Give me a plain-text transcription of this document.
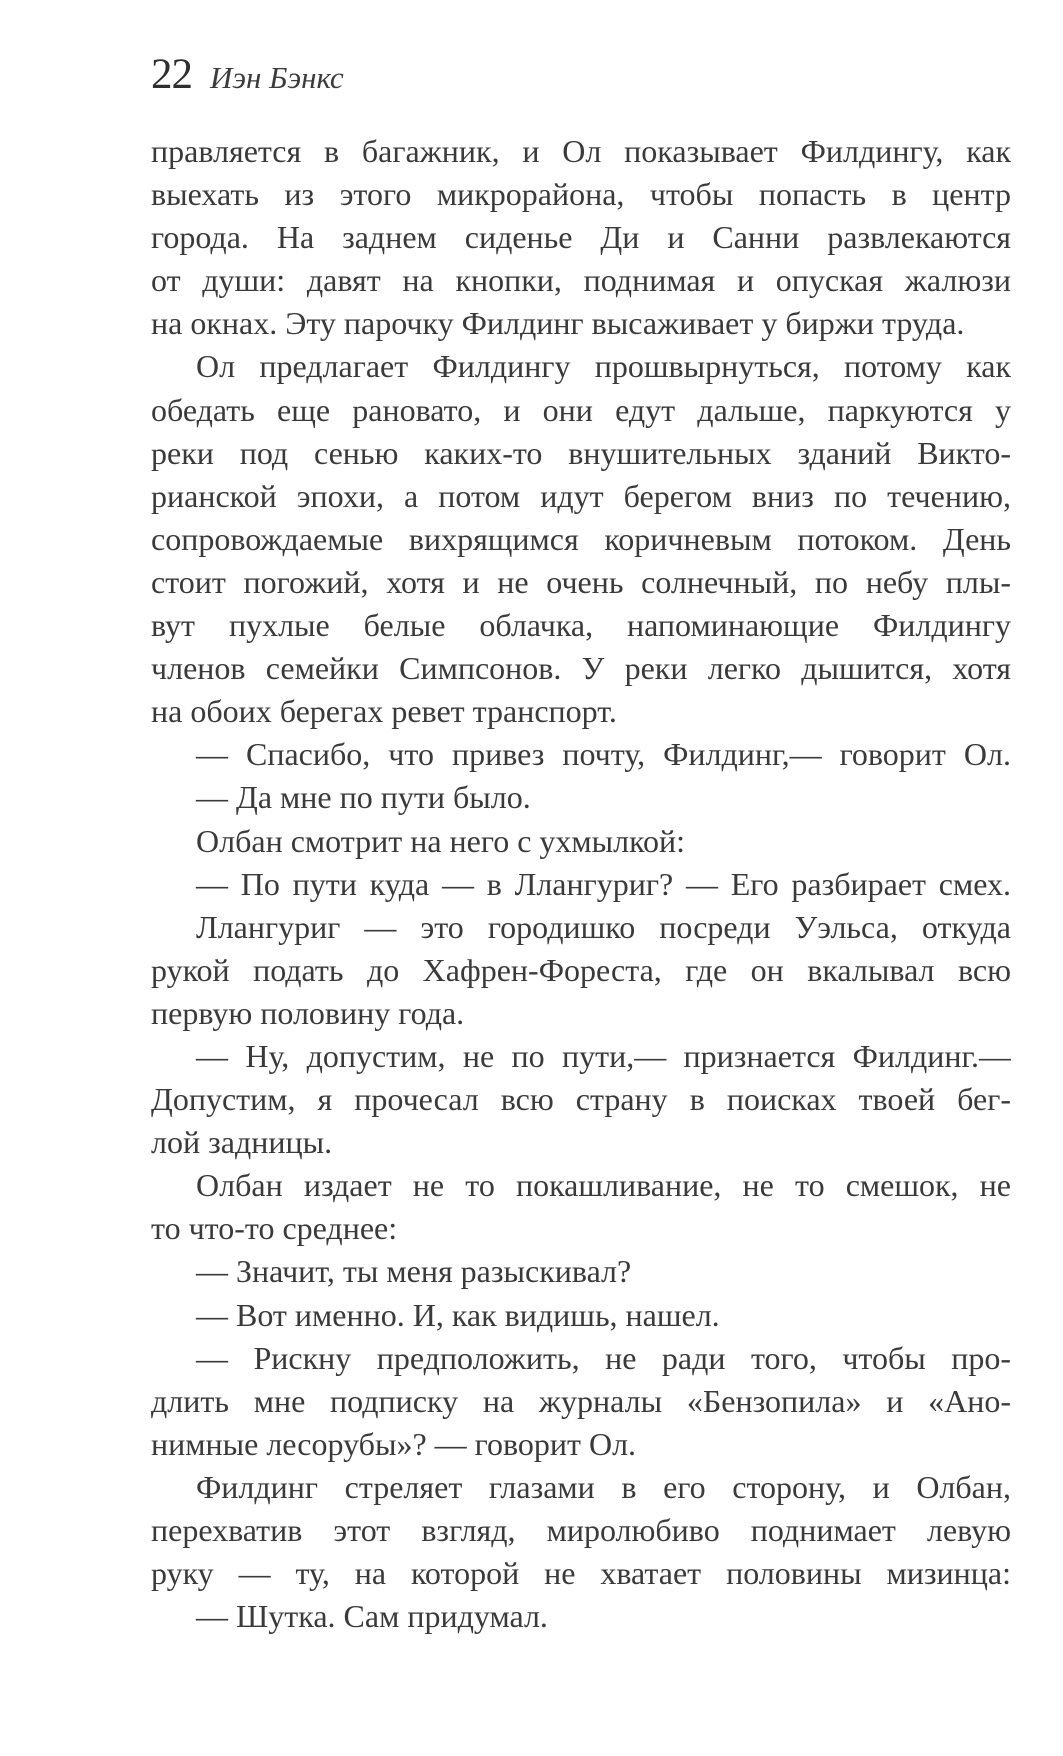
22 Иэн Бэнкс
правляется в багажник, и Ол показывает Филдингу, как
выехать из этого микрорайона, чтобы попасть в центр
города. На заднем сиденье Ди и Санни развлекаются
от души: давят на кнопки, поднимая и опуская жалюзи
на окнах. Эту парочку Филдинг высаживает у биржи труда.
Ол предлагает Филдингу прошвырнуться, потому как
обедать еще рановато, и они едут дальше, паркуются у
реки под сенью каких-то внушительных зданий Викто-
рианской эпохи, а потом идут берегом вниз по течению,
сопровождаемые вихрящимся коричневым потоком. День
стоит погожий, хотя и не очень солнечный, по небу плы-
вут пухлые белые облачка, напоминающие Филдингу
членов семейки Симпсонов. У реки легко дышится, хотя
на обоих берегах ревет транспорт.
— Спасибо, что привез почту, Филдинг,— говорит Ол.
— Да мне по пути было.
Олбан смотрит на него с ухмылкой:
— По пути куда — в Ллангуриг? — Его разбирает смех.
Ллангуриг — это городишко посреди Уэльса, откуда
рукой подать до Хафрен-Фореста, где он вкалывал всю
первую половину года.
— Ну, допустим, не по пути,— признается Филдинг.—
Допустим, я прочесал всю страну в поисках твоей бег-
лой задницы.
Олбан издает не то покашливание, не то смешок, не
то что-то среднее:
— Значит, ты меня разыскивал?
— Вот именно. И, как видишь, нашел.
— Рискну предположить, не ради того, чтобы про-
длить мне подписку на журналы «Бензопила» и «Ано-
нимные лесорубы»? — говорит Ол.
Филдинг стреляет глазами в его сторону, и Олбан,
перехватив этот взгляд, миролюбиво поднимает левую
руку — ту, на которой не хватает половины мизинца:
— Шутка. Сам придумал.
